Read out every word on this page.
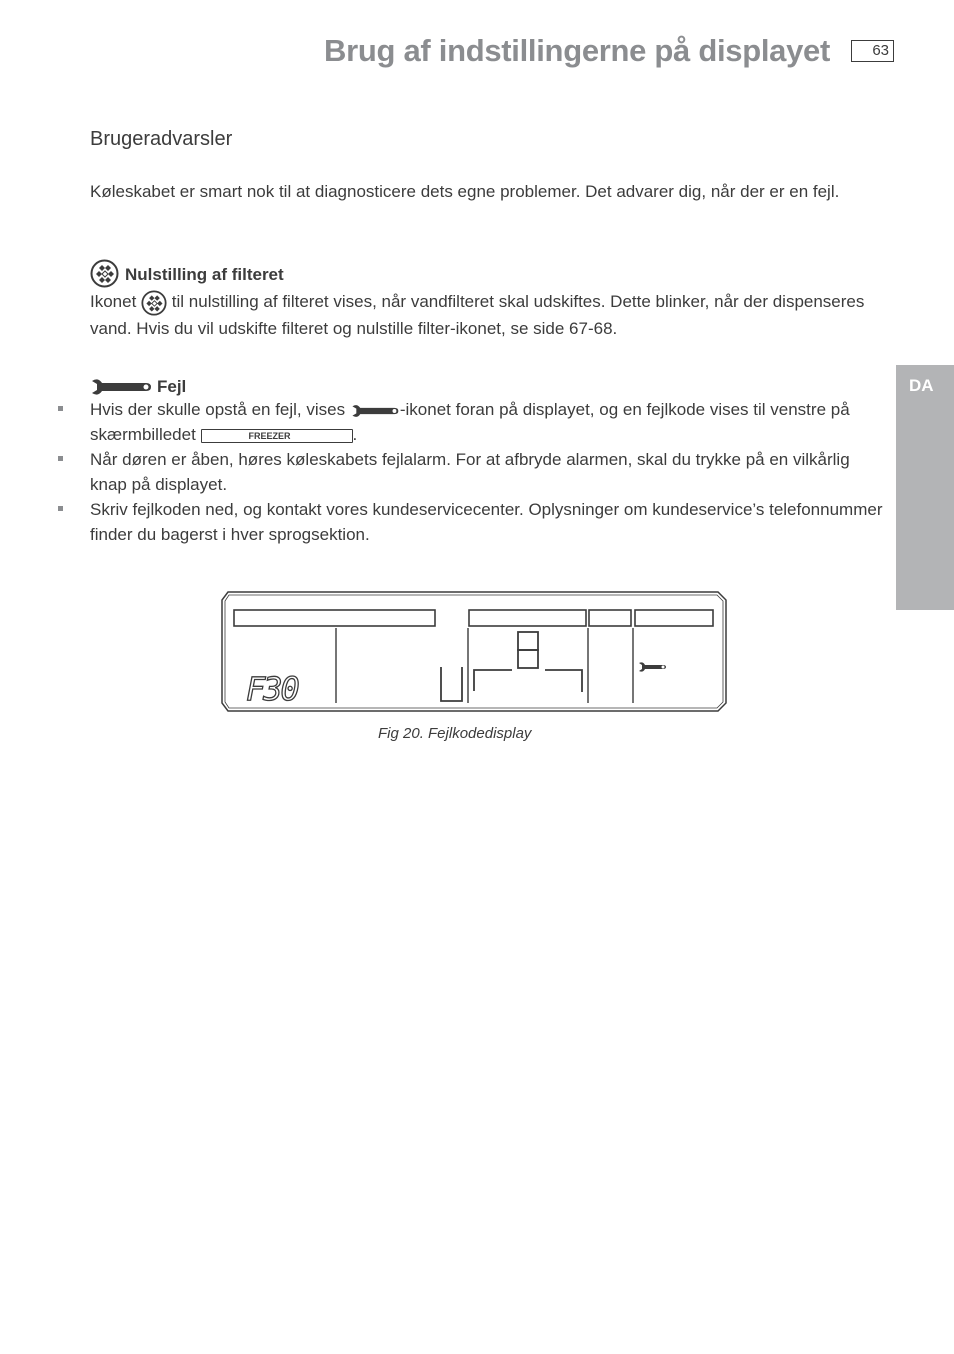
Brug af indstillingerne på displayet	63
DA
Brugeradvarsler
Køleskabet er smart nok til at diagnosticere dets egne problemer. Det advarer dig, når der er en fejl.
Nulstilling af filteret
Ikonet til nulstilling af filteret vises, når vandfilteret skal udskiftes. Dette blinker, når der dispenseres vand. Hvis du vil udskifte filteret og nulstille filter-ikonet, se side 67-68.
Fejl
Hvis der skulle opstå en fejl, vises	-ikonet foran på displayet, og en fejlkode vises til venstre på skærmbilledet	FREEZER	.
Når døren er åben, høres køleskabets fejlalarm. For at afbryde alarmen, skal du trykke på en vilkårlig knap på displayet.
Skriv fejlkoden ned, og kontakt vores kundeservicecenter. Oplysninger om kundeservice’s telefonnummer finder du bagerst i hver sprogsektion.
F30
Fig 20. Fejlkodedisplay
